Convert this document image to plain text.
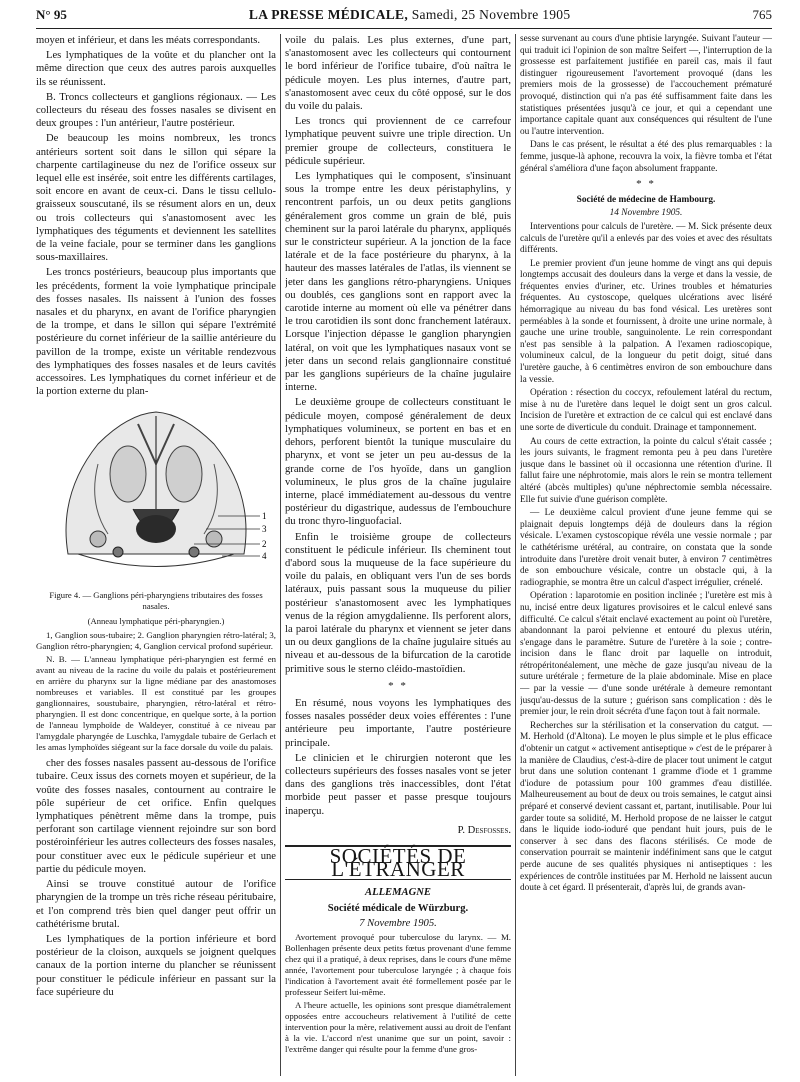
N° 95	LA PRESSE MÉDICALE, Samedi, 25 Novembre 1905	765

moyen et inférieur, et dans les méats correspondants.

Les lymphatiques de la voûte et du plancher ont la même direction que ceux des autres parois auxquelles ils se réunissent.

B. Troncs collecteurs et ganglions régionaux. — Les collecteurs du réseau des fosses nasales se divisent en deux groupes : l'un antérieur, l'autre postérieur.

De beaucoup les moins nombreux, les troncs antérieurs sortent soit dans le sillon qui sépare la charpente cartilagineuse du nez de l'orifice osseux sur lequel elle est insérée, soit entre les différents cartilages, soit encore en avant de ceux-ci. Dans le tissu cellulo-graisseux souscutané, ils se résument alors en un, deux ou trois collecteurs qui s'anastomosent avec les lymphatiques des téguments et deviennent les satellites de la veine faciale, pour se terminer dans les ganglions sous-maxillaires.

Les troncs postérieurs, beaucoup plus importants que les précédents, forment la voie lymphatique principale des fosses nasales. Ils naissent à l'union des fosses nasales et du pharynx, en avant de l'orifice pharyngien de la trompe, et dans le sillon qui sépare l'extrémité postérieure du cornet inférieur de la saillie antérieure du pavillon de la trompe, existe un véritable rendezvous des lymphatiques des fosses nasales et de leurs cavités accessoires. Les lymphatiques du cornet inférieur et de la portion externe du plan-

1
3
2
4

Figure 4. — Ganglions péri-pharyngiens tributaires des fosses nasales.

(Anneau lymphatique péri-pharyngien.)

1, Ganglion sous-tubaire; 2. Ganglion pharyngien rétro-latéral; 3, Ganglion rétro-pharyngien; 4, Ganglion cervical profond supérieur.

N. B. — L'anneau lymphatique péri-pharyngien est fermé en avant au niveau de la racine du voile du palais et postérieurement en arrière du pharynx sur la ligne médiane par des anastomoses nombreuses et variables. Il est constitué par les groupes ganglionnaires, soustubaire, pharyngien, rétro-latéral et rétro-pharyngien. Il est donc concentrique, en quelque sorte, à la portion de l'anneau lymphoïde de Waldeyer, constitué à ce niveau par l'amygdale pharyngée de Luschka, l'amygdale tubaire de Gerlach et les amas lymphoïdes siégeant sur la face dorsale du voile du palais.

cher des fosses nasales passent au-dessous de l'orifice tubaire. Ceux issus des cornets moyen et supérieur, de la voûte des fosses nasales, contournent au contraire le pôle supérieur de cet orifice. Enfin quelques lymphatiques pénètrent même dans la trompe, puis perforant son cartilage viennent rejoindre sur son bord postéroinférieur les autres collecteurs des fosses nasales, pour constituer avec eux le pédicule supérieur et une partie du pédicule moyen.

Ainsi se trouve constitué autour de l'orifice pharyngien de la trompe un très riche réseau péritubaire, et l'on comprend très bien quel danger peut offrir un cathétérisme brutal.

Les lymphatiques de la portion inférieure et bord postérieur de la cloison, auxquels se joignent quelques canaux de la portion interne du plancher se réunissent pour constituer le pédicule inférieur en passant sur la face supérieure du

voile du palais. Les plus externes, d'une part, s'anastomosent avec les collecteurs qui contournent le bord inférieur de l'orifice tubaire, d'où naîtra le pédicule moyen. Les plus internes, d'autre part, s'anastomosent avec ceux du côté opposé, sur le dos du voile du palais.

Les troncs qui proviennent de ce carrefour lymphatique peuvent suivre une triple direction. Un premier groupe de collecteurs, constituera le pédicule supérieur.

Les lymphatiques qui le composent, s'insinuant sous la trompe entre les deux péristaphylins, y rencontrent parfois, un ou deux petits ganglions généralement gros comme un grain de blé, puis cheminent sur la paroi latérale du pharynx, appliqués sur le constricteur supérieur. A la jonction de la face latérale et de la face postérieure du pharynx, à la hauteur des masses latérales de l'atlas, ils viennent se jeter dans les ganglions rétro-pharyngiens. Uniques ou doublés, ces ganglions sont en rapport avec la carotide interne au moment où elle va pénétrer dans le trou carotidien ils sont donc franchement latéraux. Lorsque l'injection dépasse le ganglion pharyngien latéral, on voit que les lymphatiques nasaux vont se jeter dans un second relais ganglionnaire constitué par les ganglions supérieurs de la chaîne jugulaire interne.

Le deuxième groupe de collecteurs constituant le pédicule moyen, composé généralement de deux lymphatiques volumineux, se portent en bas et en dehors, perforent bientôt la tunique musculaire du pharynx, et vont se jeter un peu au-dessus de la grande corne de l'os hyoïde, dans un ganglion volumineux, le plus gros de la chaîne jugulaire interne, placé immédiatement au-dessous du ventre postérieur du digastrique, audessus de l'embouchure du tronc thyro-linguofacial.

Enfin le troisième groupe de collecteurs constituent le pédicule inférieur. Ils cheminent tout d'abord sous la muqueuse de la face supérieure du voile du palais, en obliquant vers l'un de ses bords latéraux, puis passant sous la muqueuse du pilier postérieur s'anastomosent avec les lymphatiques venus de la région amygdalienne. Ils perforent alors, la paroi latérale du pharynx et viennent se jeter dans un ou deux ganglions de la chaîne jugulaire situés au niveau et au-dessous de la bifurcation de la carotide primitive sous le sterno cléido-mastoïdien.

* *

En résumé, nous voyons les lymphatiques des fosses nasales posséder deux voies efférentes : l'une antérieure peu importante, l'autre postérieure principale.

Le clinicien et le chirurgien noteront que les collecteurs supérieurs des fosses nasales vont se jeter dans des ganglions très inaccessibles, dont l'état morbide peut passer et passe presque toujours inaperçu.

P. Desfosses.

SOCIÉTÉS DE L'ÉTRANGER

ALLEMAGNE

Société médicale de Würzburg.

7 Novembre 1905.

Avortement provoqué pour tuberculose du larynx. — M. Bollenhagen présente deux petits fœtus provenant d'une femme chez qui il a pratiqué, à deux reprises, dans le cours d'une même année, l'avortement pour tuberculose laryngée ; à chaque fois l'indication à l'avortement avait été formellement posée par le professeur Seifert lui-même.

A l'heure actuelle, les opinions sont presque diamétralement opposées entre accoucheurs relativement à l'utilité de cette intervention pour la mère, relativement aussi au droit de l'enfant à la vie. L'accord n'est unanime que sur un point, savoir : l'extrême danger qui résulte pour la femme d'une gros-

sesse survenant au cours d'une phtisie laryngée. Suivant l'auteur — qui traduit ici l'opinion de son maître Seifert —, l'interruption de la grossesse est parfaitement justifiée en pareil cas, mais il faut distinguer rigoureusement l'avortement provoqué (dans les premiers mois de la grossesse) de l'accouchement prématuré provoqué, distinction qui n'a pas été suffisamment faite dans les statistiques présentées jusqu'à ce jour, et qui a cependant une importance capitale quant aux conséquences qui résultent de l'une ou l'autre intervention.

Dans le cas présent, le résultat a été des plus remarquables : la femme, jusque-là aphone, recouvra la voix, la fièvre tomba et l'état général s'améliora d'une façon absolument frappante.

* *

Société de médecine de Hambourg.

14 Novembre 1905.

Interventions pour calculs de l'uretère. — M. Sick présente deux calculs de l'uretère qu'il a enlevés par des voies et avec des résultats différents.

Le premier provient d'un jeune homme de vingt ans qui depuis longtemps accusait des douleurs dans la verge et dans la vessie, de fréquentes envies d'uriner, etc. Urines troubles et hématuries fréquentes. Au cystoscope, quelques ulcérations avec liséré hémorragique au niveau du bas fond vésical. Les uretères sont perméables à la sonde et fournissent, à droite une urine normale, à gauche une urine trouble, sanguinolente. Le rein correspondant n'est pas sensible à la palpation. A l'examen radioscopique, volumineux calcul, de la longueur du petit doigt, situé dans l'uretère gauche, à 6 centimètres environ de son embouchure dans la vessie.

Opération : résection du coccyx, refoulement latéral du rectum, mise à nu de l'uretère dans lequel le doigt sent un gros calcul. Incision de l'uretère et extraction de ce calcul qui est enclavé dans une sorte de diverticule du conduit. Drainage et tamponnement.

Au cours de cette extraction, la pointe du calcul s'était cassée ; les jours suivants, le fragment remonta peu à peu dans l'uretère jusque dans le bassinet où il occasionna une rétention d'urine. Il fallut faire une néphrotomie, mais alors le rein se montra tellement altéré (abcès multiples) qu'une néphrectomie sembla nécessaire. Elle fut suivie d'une guérison complète.

— Le deuxième calcul provient d'une jeune femme qui se plaignait depuis longtemps déjà de douleurs dans la région vésicale. L'examen cystoscopique révéla une vessie normale ; par le cathétérisme urétéral, au contraire, on constata que la sonde introduite dans l'uretère droit venait buter, à environ 7 centimètres de son embouchure vésicale, contre un obstacle qui, à la radiographie, se montra être un calcul d'aspect irrégulier, crénelé.

Opération : laparotomie en position inclinée ; l'uretère est mis à nu, incisé entre deux ligatures provisoires et le calcul enlevé sans difficulté. Ce calcul s'était enclavé exactement au point où l'uretère, abandonnant la paroi pelvienne et entouré du plexus utérin, s'engage dans le paramètre. Suture de l'uretère à la soie ; contre-incision dans le flanc droit par laquelle on introduit, rétropéritonéalement, une mèche de gaze jusqu'au niveau de la suture urétérale ; fermeture de la plaie abdominale. Mise en place — par la vessie — d'une sonde urétérale à demeure remontant jusqu'au-dessus de la suture ; guérison sans complication : dès le premier jour, le rein droit sécréta d'une façon tout à fait normale.

Recherches sur la stérilisation et la conservation du catgut. — M. Herhold (d'Altona). Le moyen le plus simple et le plus efficace d'obtenir un catgut « activement antiseptique » c'est de le préparer à la manière de Claudius, c'est-à-dire de placer tout uniment le catgut brut dans une solution contenant 1 gramme d'iode et 1 gramme d'iodure de potassium pour 100 grammes d'eau distillée. Malheureusement au bout de deux ou trois semaines, le catgut ainsi préparé et conservé devient cassant et, partant, inutilisable. Pour lui garder toute sa solidité, M. Herhold propose de ne laisser le catgut dans le liquide iodo-ioduré que pendant huit jours, puis de le conserver à sec dans des flacons stérilisés. Ce mode de conservation pourrait se maintenir indéfiniment sans que le catgut perde aucune de ses qualités physiques ni antiseptiques : les expériences de contrôle instituées par M. Herhold ne laissent aucun doute à cet égard. Il présenterait, d'après lui, de grands avan-
